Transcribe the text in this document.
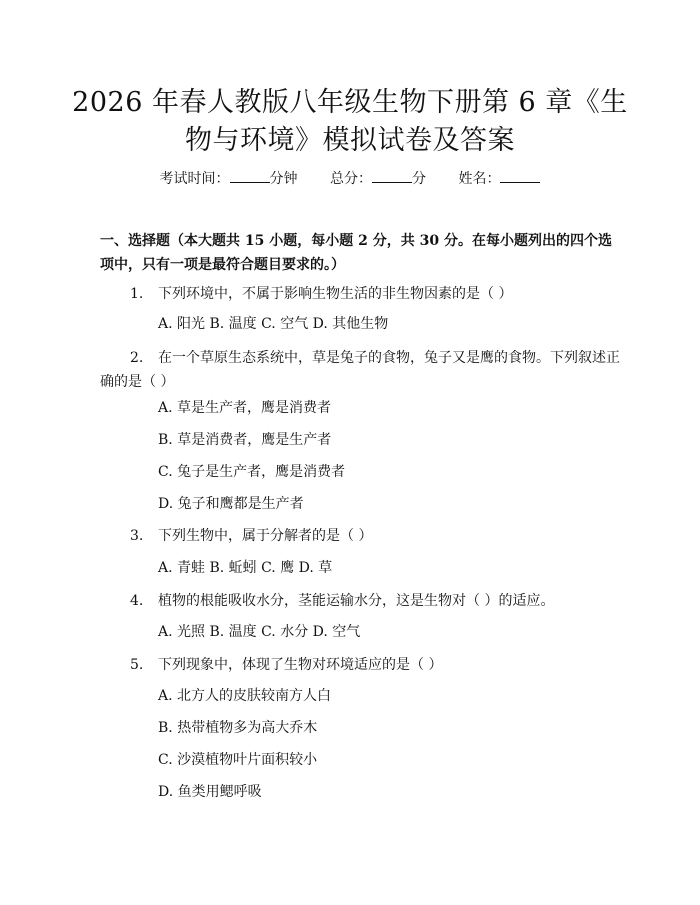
2026 年春人教版八年级生物下册第 6 章《生
物与环境》模拟试卷及答案
考试时间：	分钟 总分：	分 姓名：
一、选择题（本大题共 15 小题，每小题 2 分，共 30 分。在每小题列出的四个选项中，只有一项是最符合题目要求的。）
1. 下列环境中，不属于影响生物生活的非生物因素的是（ ）
A. 阳光 B. 温度 C. 空气 D. 其他生物
2. 在一个草原生态系统中，草是兔子的食物，兔子又是鹰的食物。下列叙述正确的是（ ）
A. 草是生产者，鹰是消费者
B. 草是消费者，鹰是生产者
C. 兔子是生产者，鹰是消费者
D. 兔子和鹰都是生产者
3. 下列生物中，属于分解者的是（ ）
A. 青蛙 B. 蚯蚓 C. 鹰 D. 草
4. 植物的根能吸收水分，茎能运输水分，这是生物对（ ）的适应。
A. 光照 B. 温度 C. 水分 D. 空气
5. 下列现象中，体现了生物对环境适应的是（ ）
A. 北方人的皮肤较南方人白
B. 热带植物多为高大乔木
C. 沙漠植物叶片面积较小
D. 鱼类用鳃呼吸
